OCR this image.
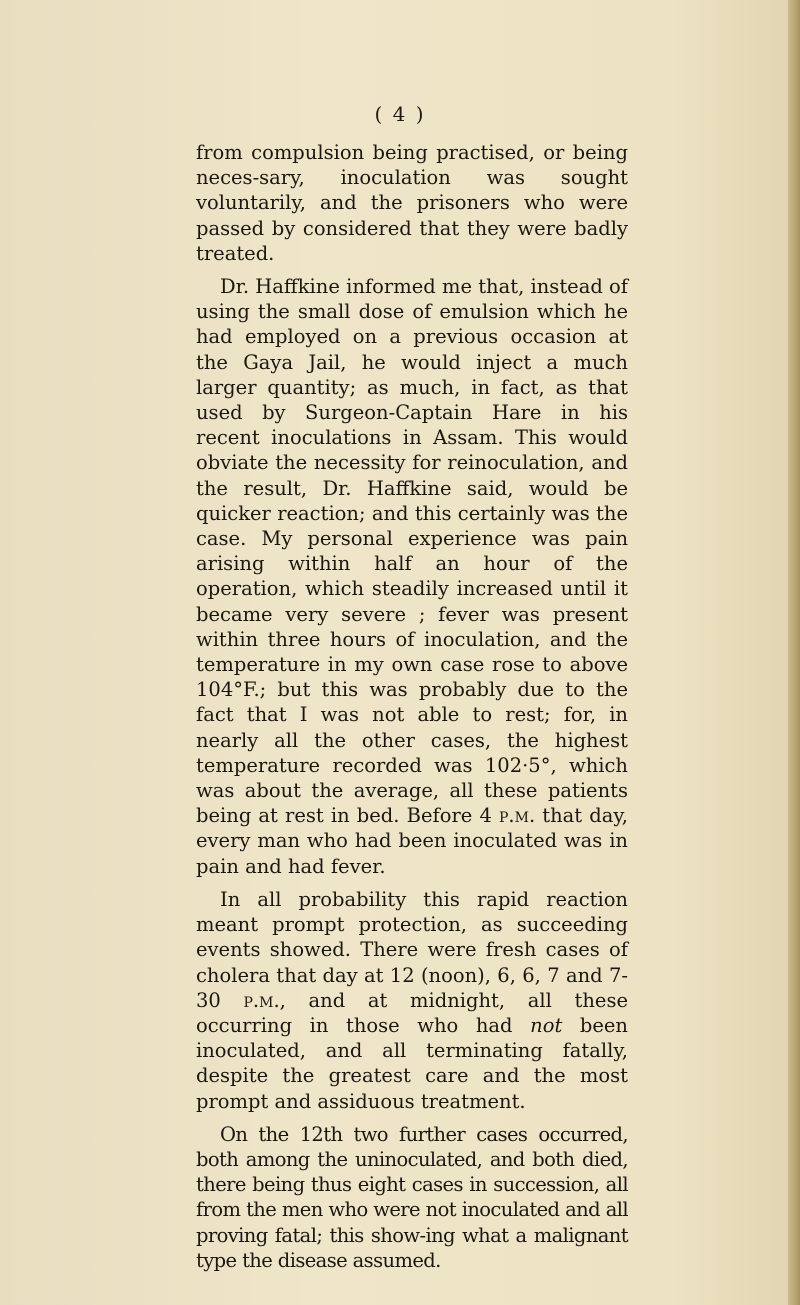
( 4 )

from compulsion being practised, or being neces-sary, inoculation was sought voluntarily, and the prisoners who were passed by considered that they were badly treated.

Dr. Haffkine informed me that, instead of using the small dose of emulsion which he had employed on a previous occasion at the Gaya Jail, he would inject a much larger quantity; as much, in fact, as that used by Surgeon-Captain Hare in his recent inoculations in Assam. This would obviate the necessity for reinoculation, and the result, Dr. Haffkine said, would be quicker reaction; and this certainly was the case. My personal experience was pain arising within half an hour of the operation, which steadily increased until it became very severe ; fever was present within three hours of inoculation, and the temperature in my own case rose to above 104°F.; but this was probably due to the fact that I was not able to rest; for, in nearly all the other cases, the highest temperature recorded was 102·5°, which was about the average, all these patients being at rest in bed. Before 4 p.m. that day, every man who had been inoculated was in pain and had fever.

In all probability this rapid reaction meant prompt protection, as succeeding events showed. There were fresh cases of cholera that day at 12 (noon), 6, 6, 7 and 7-30 p.m., and at midnight, all these occurring in those who had not been inoculated, and all terminating fatally, despite the greatest care and the most prompt and assiduous treatment.

On the 12th two further cases occurred, both among the uninoculated, and both died, there being thus eight cases in succession, all from the men who were not inoculated and all proving fatal; this show-ing what a malignant type the disease assumed.
